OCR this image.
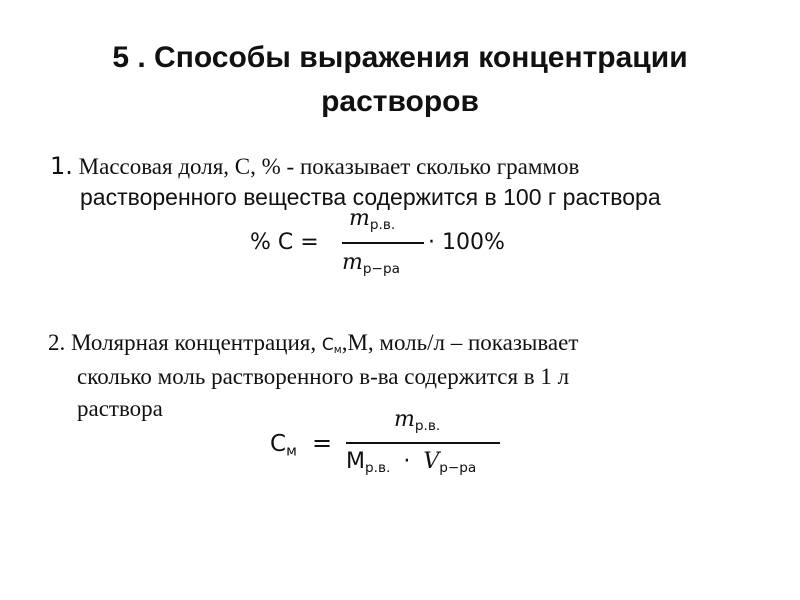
5 . Способы выражения концентрации
растворов
1. Массовая доля, С, % - показывает сколько граммов
растворенного вещества содержится в 100 г раствора
% C =
$m_{р.в.}$
$m_{р-ра}$
· 100%
2. Молярная концентрация, $C_м,М$, моль/л – показывает
сколько моль растворенного в-ва содержится в 1 л
раствора
$C_м$ =
$m_{р.в.}$
$M_{р.в.} \cdot V_{р-ра}$
